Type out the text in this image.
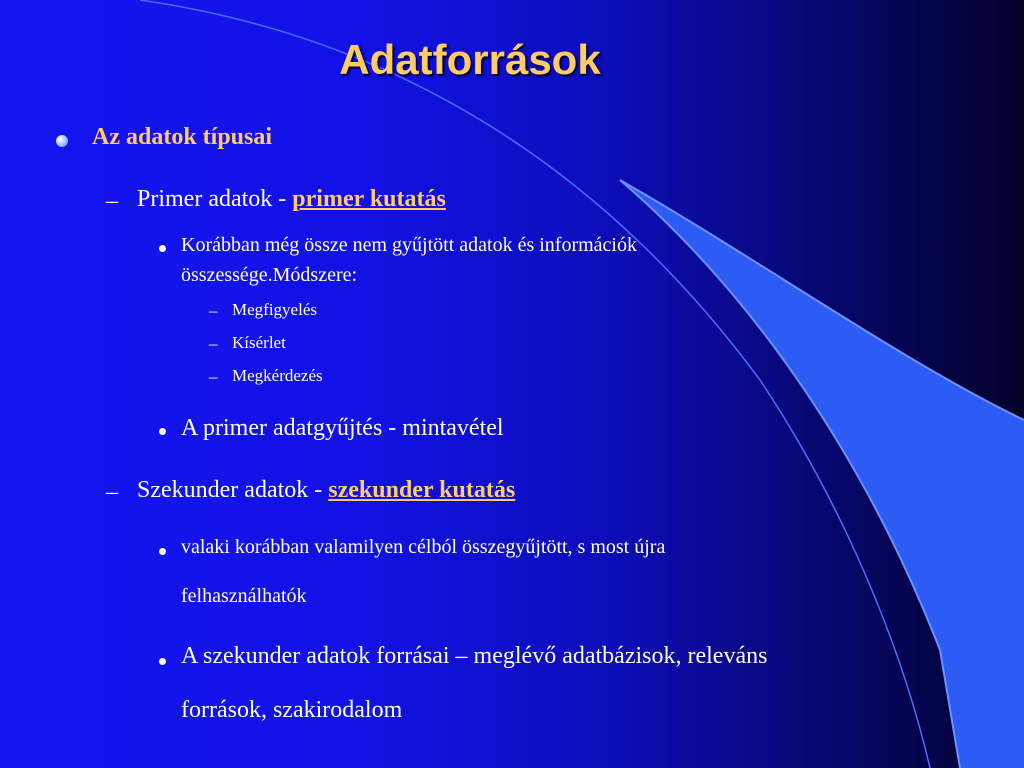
Adatforrások
Az adatok típusai
– Primer adatok - primer kutatás
Korábban még össze nem gyűjtött adatok és információk
összessége.Módszere:
– Megfigyelés
– Kísérlet
– Megkérdezés
A primer adatgyűjtés - mintavétel
– Szekunder adatok - szekunder kutatás
valaki korábban valamilyen célból összegyűjtött, s most újra
felhasználhatók
A szekunder adatok forrásai – meglévő adatbázisok, releváns
források, szakirodalom
